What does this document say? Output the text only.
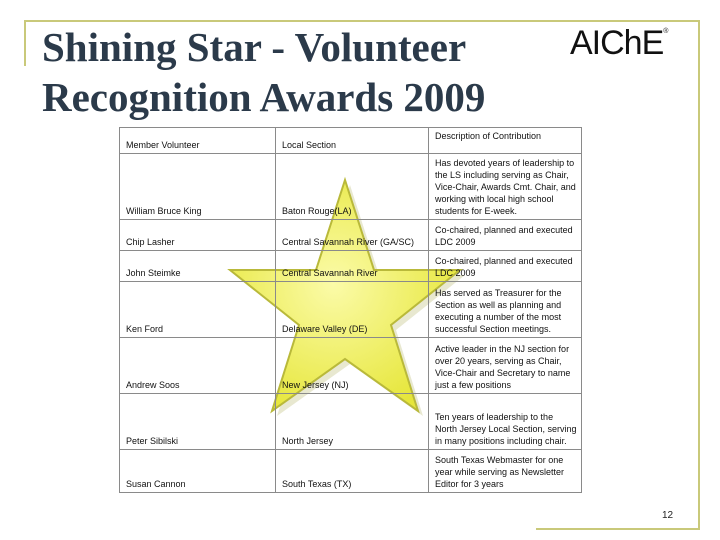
Shining Star - Volunteer
Recognition Awards 2009
AIChE®
Member Volunteer	Local Section	Description of Contribution
William Bruce King	Baton Rouge(LA)	Has devoted years of leadership to the LS including serving as Chair, Vice-Chair, Awards Cmt. Chair, and working with local high school students for E-week.
Chip Lasher	Central Savannah River (GA/SC)	Co-chaired, planned and executed LDC 2009
John Steimke	Central Savannah River	Co-chaired, planned and executed LDC 2009
Ken Ford	Delaware Valley (DE)	Has served as Treasurer for the Section as well as planning and executing a number of the most successful Section meetings.
Andrew Soos	New Jersey (NJ)	Active leader in the NJ section for over 20 years, serving as Chair, Vice-Chair and Secretary to name just a few positions
Peter Sibilski	North Jersey	Ten years of leadership to the North Jersey Local Section, serving in many positions including chair.
Susan Cannon	South Texas (TX)	South Texas Webmaster for one year while serving as Newsletter Editor for 3 years
12
